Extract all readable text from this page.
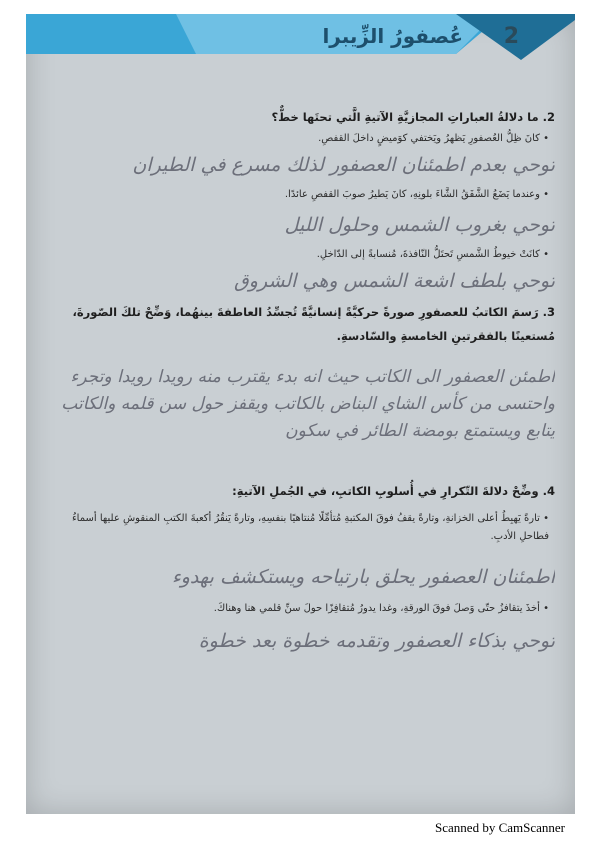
عُصفورُ الزِّيبرا 2
2. ما دلالةُ العباراتِ المجازيَّةِ الآتيةِ الَّتي تحتَها خطٌّ؟
• كانَ ظِلُّ العُصفورِ يَظهرُ ويَختفي كوَميضٍ داخلَ القفصِ.
توحي بعدم اطمئنان العصفور لذلك مسرع في الطيران
• وعندما يَضَعُ الشَّفَقُ الشَّاءَ بلونِهِ، كانَ يَطيرُ صوبَ القفصِ عائدًا.
توحي بغروب الشمس وحلول الليل
• كانَتْ خيوطُ الشَّمسِ تَحتَلُّ النّافذةَ، مُنسابةً إلى الدّاخلِ.
توحي بلطف اشعة الشمس وهي الشروق
3. رَسمَ الكاتبُ للعصفورِ صورةً حركيَّةً إنسانيَّةً تُجسِّدُ العاطفةَ بينهُما، وَضِّحْ تلكَ الصّورةَ، مُستعينًا بالفقرتينِ الخامسةِ والسّادسةِ.
اطمئن العصفور الى الكاتب حيث انه بدء يقترب منه رويدا رويدا وتجرء واحتسى من كأس الشاي البناض بالكاتب ويقفز حول سن قلمه والكاتب يتابع ويستمتع بومضة الطائر في سكون
4. وضِّحْ دلالةَ التّكرارِ في أُسلوبِ الكاتبِ، في الجُملِ الآتيةِ:
• تارةً يَهبِطُ أعلى الخزانةِ، وتارةً يقفُ فوقَ المكتبةِ مُتأمِّلًا مُنتاهيًا بنفسِهِ، وتارةً يَنقُرُ أكعبةَ الكتبِ المنقوشِ عليها أسماءُ فطاحلِ الأدبِ.
اطمئنان العصفور يحلق بارتياحه ويستكشف بهدوء
• أخذَ يتقافزُ حتّى وَصلَ فوقَ الورقةِ، وغدا يدورُ مُتقافِزًا حولَ سنِّ قلمي هنا وهناكَ.
توحي بذكاء العصفور وتقدمه خطوة بعد خطوة
Scanned by CamScanner
